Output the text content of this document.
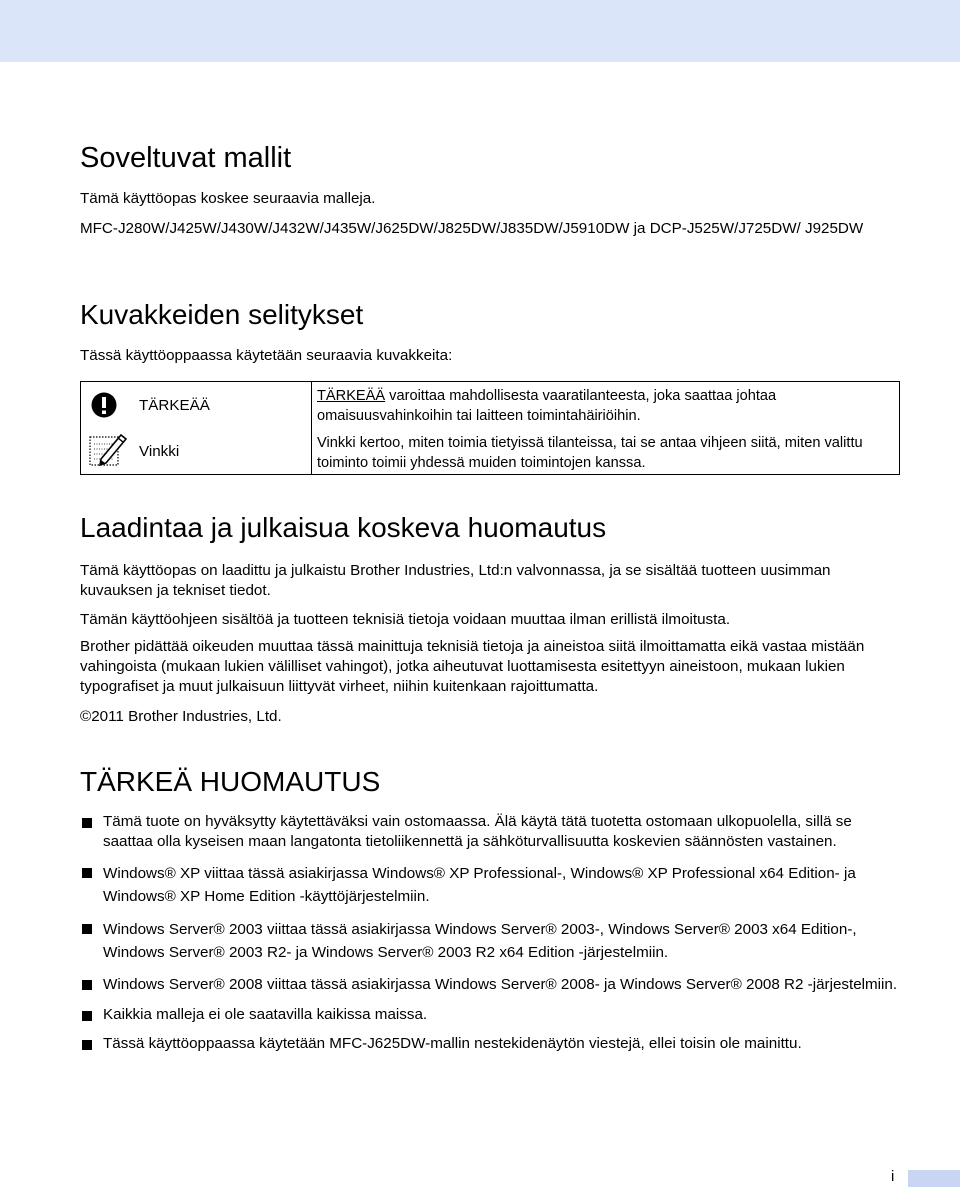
Soveltuvat mallit

Tämä käyttöopas koskee seuraavia malleja.

MFC-J280W/J425W/J430W/J432W/J435W/J625DW/J825DW/J835DW/J5910DW ja DCP-J525W/J725DW/ J925DW

Kuvakkeiden selitykset

Tässä käyttöoppaassa käytetään seuraavia kuvakkeita:

TÄRKEÄÄ
TÄRKEÄÄ varoittaa mahdollisesta vaaratilanteesta, joka saattaa johtaa omaisuusvahinkoihin tai laitteen toimintahäiriöihin.
Vinkki	Vinkki kertoo, miten toimia tietyissä tilanteissa, tai se antaa vihjeen siitä, miten valittu toiminto toimii yhdessä muiden toimintojen kanssa.
Laadintaa ja julkaisua koskeva huomautus

Tämä käyttöopas on laadittu ja julkaistu Brother Industries, Ltd:n valvonnassa, ja se sisältää tuotteen uusimman kuvauksen ja tekniset tiedot.

Tämän käyttöohjeen sisältöä ja tuotteen teknisiä tietoja voidaan muuttaa ilman erillistä ilmoitusta.

Brother pidättää oikeuden muuttaa tässä mainittuja teknisiä tietoja ja aineistoa siitä ilmoittamatta eikä vastaa mistään vahingoista (mukaan lukien välilliset vahingot), jotka aiheutuvat luottamisesta esitettyyn aineistoon, mukaan lukien typografiset ja muut julkaisuun liittyvät virheet, niihin kuitenkaan rajoittumatta.

©2011 Brother Industries, Ltd.

TÄRKEÄ HUOMAUTUS
Tämä tuote on hyväksytty käytettäväksi vain ostomaassa. Älä käytä tätä tuotetta ostomaan ulkopuolella, sillä se saattaa olla kyseisen maan langatonta tietoliikennettä ja sähköturvallisuutta koskevien säännösten vastainen.
Windows® XP viittaa tässä asiakirjassa Windows® XP Professional-, Windows® XP Professional x64 Edition- ja Windows® XP Home Edition -käyttöjärjestelmiin.
Windows Server® 2003 viittaa tässä asiakirjassa Windows Server® 2003-, Windows Server® 2003 x64 Edition-, Windows Server® 2003 R2- ja Windows Server® 2003 R2 x64 Edition -järjestelmiin.
Windows Server® 2008 viittaa tässä asiakirjassa Windows Server® 2008- ja Windows Server® 2008 R2 -järjestelmiin.
Kaikkia malleja ei ole saatavilla kaikissa maissa.
Tässä käyttöoppaassa käytetään MFC-J625DW-mallin nestekidenäytön viestejä, ellei toisin ole mainittu.
i
